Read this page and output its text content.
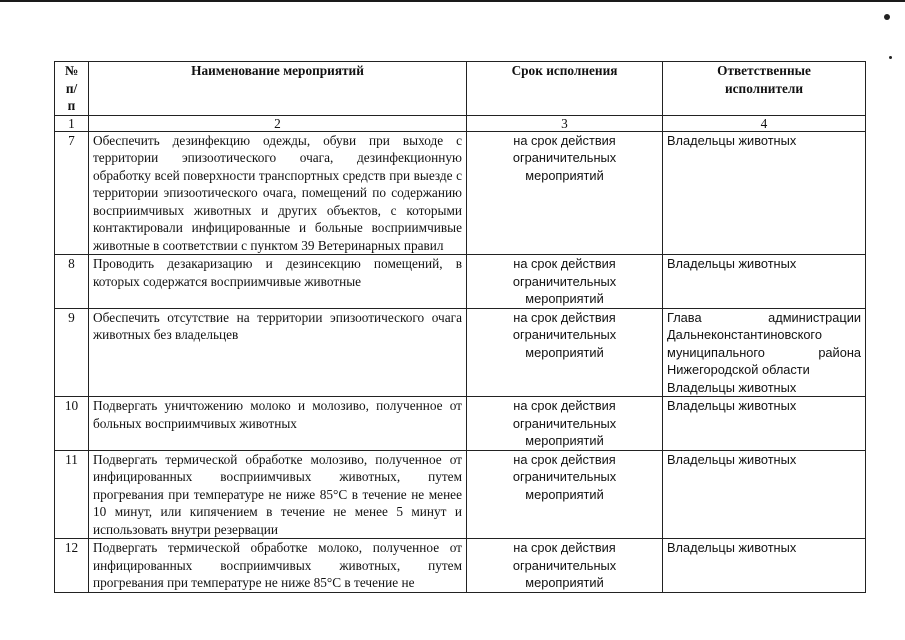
№ п/п	Наименование мероприятий	Срок исполнения	Ответственные исполнители
1	2	3	4
7	Обеспечить дезинфекцию одежды, обуви при выходе с территории эпизоотического очага, дезинфекционную обработку всей поверхности транспортных средств при выезде с территории эпизоотического очага, помещений по содержанию восприимчивых животных и других объектов, с которыми контактировали инфицированные и больные восприимчивые животные в соответствии с пунктом 39 Ветеринарных правил	на срок действия ограничительных мероприятий	Владельцы животных

8	Проводить дезакаризацию и дезинсекцию помещений, в которых содержатся восприимчивые животные	на срок действия ограничительных мероприятий	Владельцы животных

9	Обеспечить отсутствие на территории эпизоотического очага животных без владельцев	на срок действия ограничительных мероприятий	Глава администрации
Дальнеконстантиновского
муниципального района
Нижегородской области
Владельцы животных

10	Подвергать уничтожению молоко и молозиво, полученное от больных восприимчивых животных	на срок действия ограничительных мероприятий	Владельцы животных

11	Подвергать термической обработке молозиво, полученное от инфицированных восприимчивых животных, путем прогревания при температуре не ниже 85°С в течение не менее 10 минут, или кипячением в течение не менее 5 минут и использовать внутри резервации	на срок действия ограничительных мероприятий	Владельцы животных

12	Подвергать термической обработке молоко, полученное от инфицированных восприимчивых животных, путем прогревания при температуре не ниже 85°С в течение не	на срок действия ограничительных мероприятий	Владельцы животных
